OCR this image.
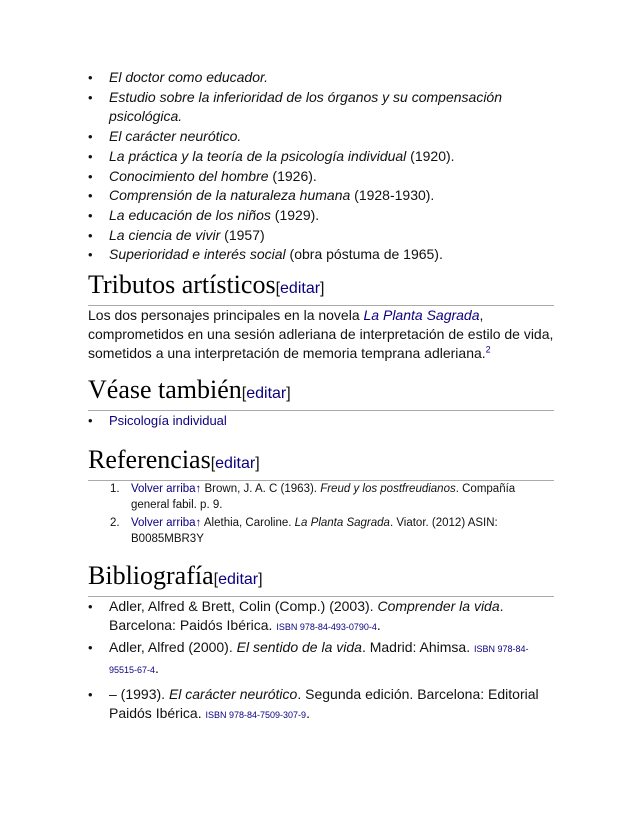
• El doctor como educador.
• Estudio sobre la inferioridad de los órganos y su compensación psicológica.
• El carácter neurótico.
• La práctica y la teoría de la psicología individual (1920).
• Conocimiento del hombre (1926).
• Comprensión de la naturaleza humana (1928-1930).
• La educación de los niños (1929).
• La ciencia de vivir (1957)
• Superioridad e interés social (obra póstuma de 1965).
Tributos artísticos[editar]

Los dos personajes principales en la novela La Planta Sagrada, comprometidos en una sesión adleriana de interpretación de estilo de vida, sometidos a una interpretación de memoria temprana adleriana.$^2$

Véase también[editar]
• Psicología individual
Referencias[editar]
1. Volver arriba↑ Brown, J. A. C (1963). Freud y los postfreudianos. Compañía general fabil. p. 9.
2. Volver arriba↑ Alethia, Caroline. La Planta Sagrada. Viator. (2012) ASIN: B0085MBR3Y
Bibliografía[editar]
• Adler, Alfred & Brett, Colin (Comp.) (2003). Comprender la vida. Barcelona: Paidós Ibérica. ISBN 978-84-493-0790-4.
• Adler, Alfred (2000). El sentido de la vida. Madrid: Ahimsa. ISBN 978-84-95515-67-4.
• – (1993). El carácter neurótico. Segunda edición. Barcelona: Editorial Paidós Ibérica. ISBN 978-84-7509-307-9.
